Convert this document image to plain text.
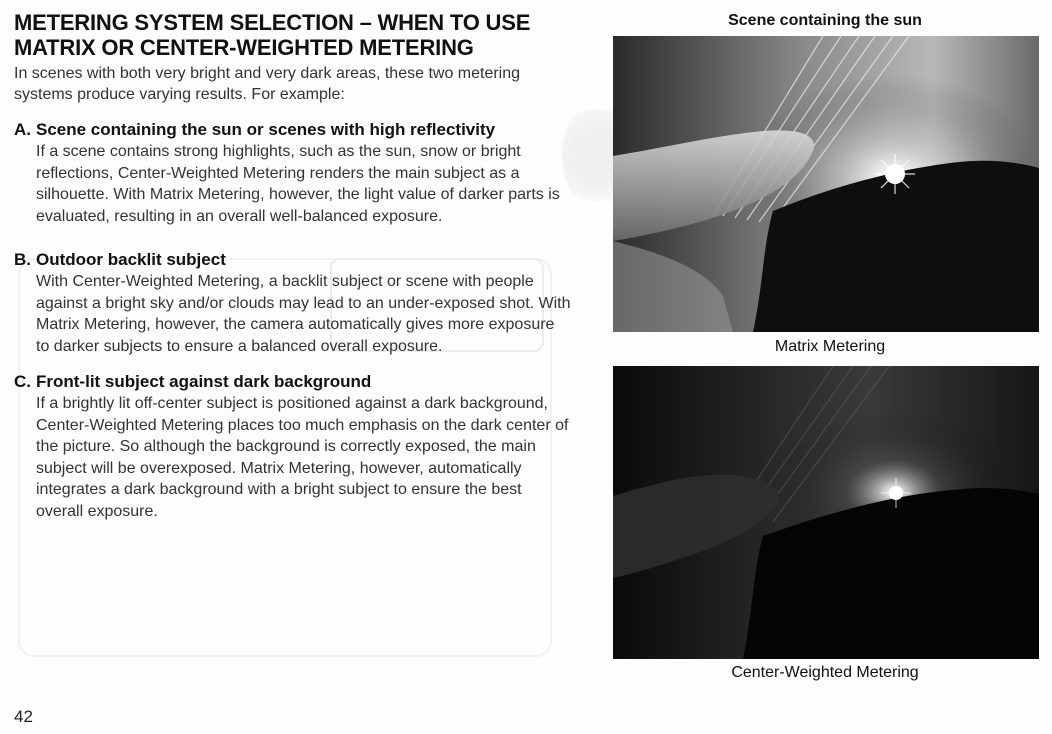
METERING SYSTEM SELECTION – WHEN TO USE MATRIX OR CENTER-WEIGHTED METERING

In scenes with both very bright and very dark areas, these two metering systems produce varying results. For example:

A. Scene containing the sun or scenes with high reflectivity

If a scene contains strong highlights, such as the sun, snow or bright reflections, Center-Weighted Metering renders the main subject as a silhouette. With Matrix Metering, however, the light value of darker parts is evaluated, resulting in an overall well-balanced exposure.

B. Outdoor backlit subject

With Center-Weighted Metering, a backlit subject or scene with people against a bright sky and/or clouds may lead to an under-exposed shot. With Matrix Metering, however, the camera automatically gives more exposure to darker subjects to ensure a balanced overall exposure.

C. Front-lit subject against dark background

If a brightly lit off-center subject is positioned against a dark background, Center-Weighted Metering places too much emphasis on the dark center of the picture. So although the background is correctly exposed, the main subject will be overexposed. Matrix Metering, however, automatically integrates a dark background with a bright subject to ensure the best overall exposure.

42
Scene containing the sun
Matrix Metering
Center-Weighted Metering
